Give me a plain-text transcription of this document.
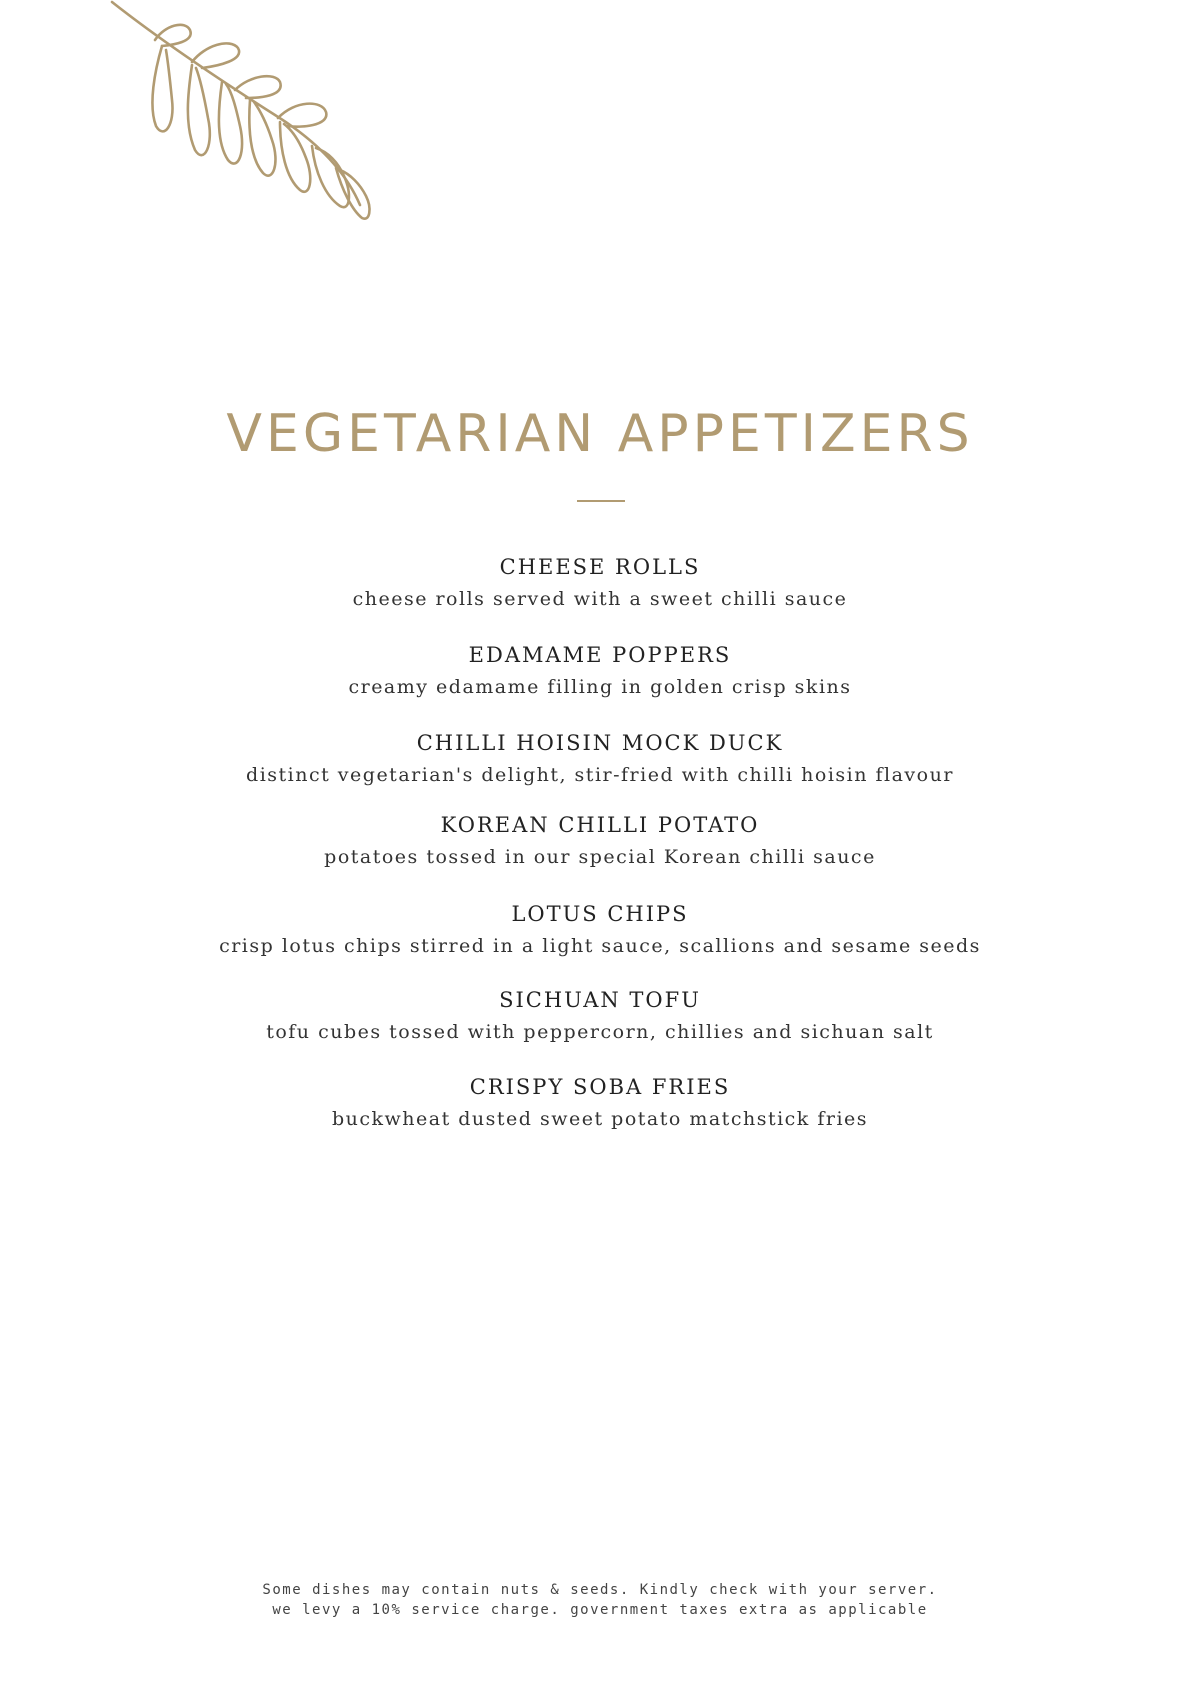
VEGETARIAN APPETIZERS
CHEESE ROLLS
cheese rolls served with a sweet chilli sauce
EDAMAME POPPERS
creamy edamame filling in golden crisp skins
CHILLI HOISIN MOCK DUCK
distinct vegetarian's delight, stir-fried with chilli hoisin flavour
KOREAN CHILLI POTATO
potatoes tossed in our special Korean chilli sauce
LOTUS CHIPS
crisp lotus chips stirred in a light sauce, scallions and sesame seeds
SICHUAN TOFU
tofu cubes tossed with peppercorn, chillies and sichuan salt
CRISPY SOBA FRIES
buckwheat dusted sweet potato matchstick fries
Some dishes may contain nuts & seeds. Kindly check with your server.
we levy a 10% service charge. government taxes extra as applicable
